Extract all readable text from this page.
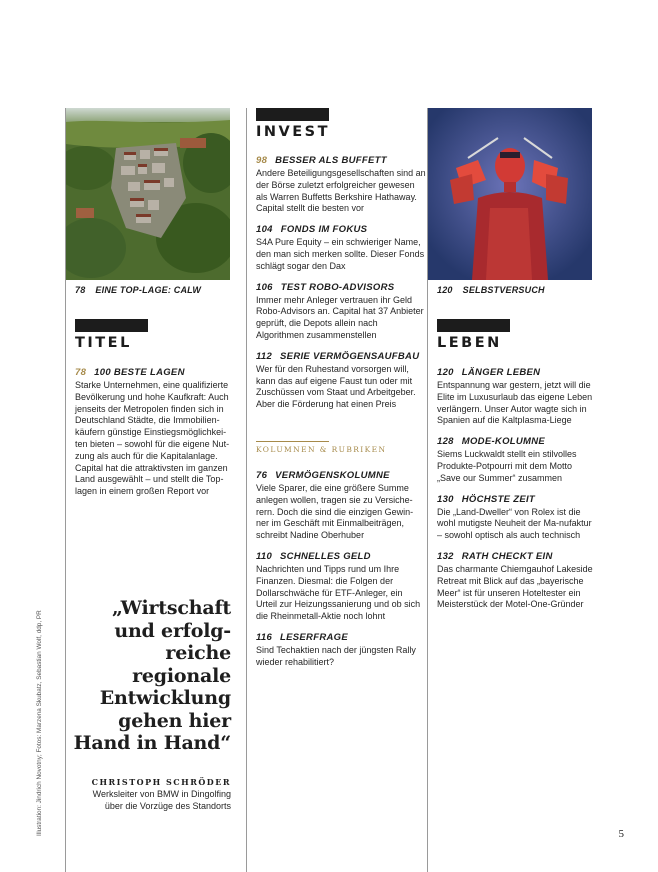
78 EINE TOP-LAGE: CALW	120 SELBSTVERSUCH
TITEL
78 100 BESTE LAGEN
Starke Unternehmen, eine qualifizierte Bevölkerung und hohe Kaufkraft: Auch jenseits der Metropolen finden sich in Deutschland Städte, die Immobilien-käufern günstige Einstiegsmöglichkei-ten bieten – sowohl für die eigene Nut-zung als auch für die Kapitalanlage. Capital hat die attraktivsten im ganzen Land ausgewählt – und stellt die Top-lagen in einem großen Report vor
„Wirtschaft
und erfolg-
reiche
regionale
Entwicklung
gehen hier
Hand in Hand“
CHRISTOPH SCHRÖDER
Werksleiter von BMW in Dingolfing
über die Vorzüge des Standorts
INVEST
98 BESSER ALS BUFFETT
Andere Beteiligungsgesellschaften sind an der Börse zuletzt erfolgreicher gewesen als Warren Buffetts Berkshire Hathaway. Capital stellt die besten vor
104 FONDS IM FOKUS
S4A Pure Equity – ein schwieriger Name, den man sich merken sollte. Dieser Fonds schlägt sogar den Dax
106 TEST ROBO-ADVISORS
Immer mehr Anleger vertrauen ihr Geld Robo-Advisors an. Capital hat 37 Anbieter geprüft, die Depots allein nach Algorithmen zusammenstellen
112 SERIE VERMÖGENSAUFBAU
Wer für den Ruhestand vorsorgen will, kann das auf eigene Faust tun oder mit Zuschüssen vom Staat und Arbeitgeber. Aber die Förderung hat einen Preis
KOLUMNEN & RUBRIKEN
76 VERMÖGENSKOLUMNE
Viele Sparer, die eine größere Summe anlegen wollen, tragen sie zu Versiche-rern. Doch die sind die einzigen Gewin-ner im Geschäft mit Einmalbeiträgen, schreibt Nadine Oberhuber
110 SCHNELLES GELD
Nachrichten und Tipps rund um Ihre Finanzen. Diesmal: die Folgen der Dollarschwäche für ETF-Anleger, ein Urteil zur Heizungssanierung und ob sich die Rheinmetall-Aktie noch lohnt
116 LESERFRAGE
Sind Techaktien nach der jüngsten Rally wieder rehabilitiert?
LEBEN
120 LÄNGER LEBEN
Entspannung war gestern, jetzt will die Elite im Luxusurlaub das eigene Leben verlängern. Unser Autor wagte sich in Spanien auf die Kaltplasma-Liege
128 MODE-KOLUMNE
Siems Luckwaldt stellt ein stilvolles Produkte-Potpourri mit dem Motto „Save our Summer“ zusammen
130 HÖCHSTE ZEIT
Die „Land-Dweller“ von Rolex ist die wohl mutigste Neuheit der Ma-nufaktur – sowohl optisch als auch technisch
132 RATH CHECKT EIN
Das charmante Chiemgauhof Lakeside Retreat mit Blick auf das „bayerische Meer“ ist für unseren Hoteltester ein Meisterstück der Motel-One-Gründer
Illustration: Jindrich Novotny; Fotos: Marzena Skubatz, Sebastian Wolf, ddp, PR	5
